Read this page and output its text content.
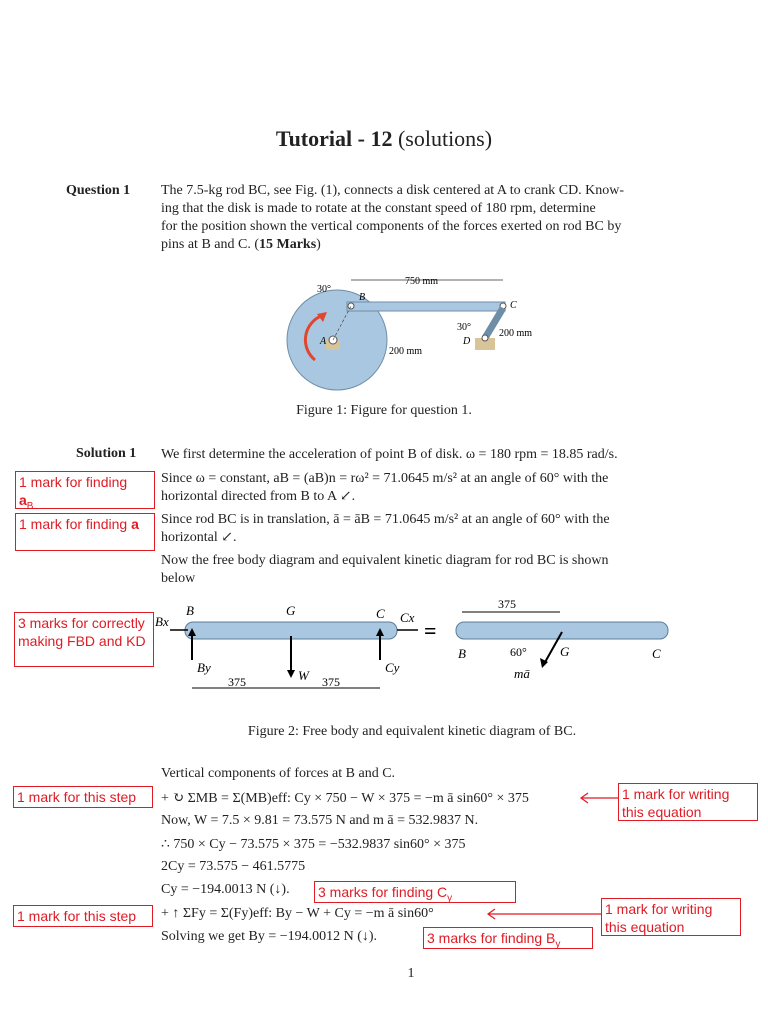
Tutorial - 12 (solutions)
Question 1 The 7.5-kg rod BC, see Fig. (1), connects a disk centered at A to crank CD. Know-
ing that the disk is made to rotate at the constant speed of 180 rpm, determine
for the position shown the vertical components of the forces exerted on rod BC by
pins at B and C. (15 Marks)
750 mm
30°
B
C
A	D
30°
200 mm
200 mm
Figure 1: Figure for question 1.
Solution 1 We first determine the acceleration of point B of disk. ω = 180 rpm = 18.85 rad/s.
Since ω = constant, aB = (aB)n = rω² = 71.0645 m/s² at an angle of 60° with the
horizontal directed from B to A ↙.
Since rod BC is in translation, ā = āB = 71.0645 m/s² at an angle of 60° with the
horizontal ↙.
Now the free body diagram and equivalent kinetic diagram for rod BC is shown
below
Bx
B	G	C Cx
By
W
Cy
375	375
=
375
B	60°	G	C
mā
Figure 2: Free body and equivalent kinetic diagram of BC.
Vertical components of forces at B and C.
+ ↻ ΣMB = Σ(MB)eff: Cy × 750 − W × 375 = −m ā sin60° × 375
Now, W = 7.5 × 9.81 = 73.575 N and m ā = 532.9837 N.
∴ 750 × Cy − 73.575 × 375 = −532.9837 sin60° × 375
2Cy = 73.575 − 461.5775
Cy = −194.0013 N (↓).
+ ↑ ΣFy = Σ(Fy)eff: By − W + Cy = −m ā sin60°
Solving we get By = −194.0012 N (↓).
1 mark for finding
$a_B$
1 mark for finding a
3 marks for correctly making FBD and KD
1 mark for this step	1 mark for writing this equation
3 marks for finding $C_y$
1 mark for this step	1 mark for writing this equation
3 marks for finding $B_y$
1
